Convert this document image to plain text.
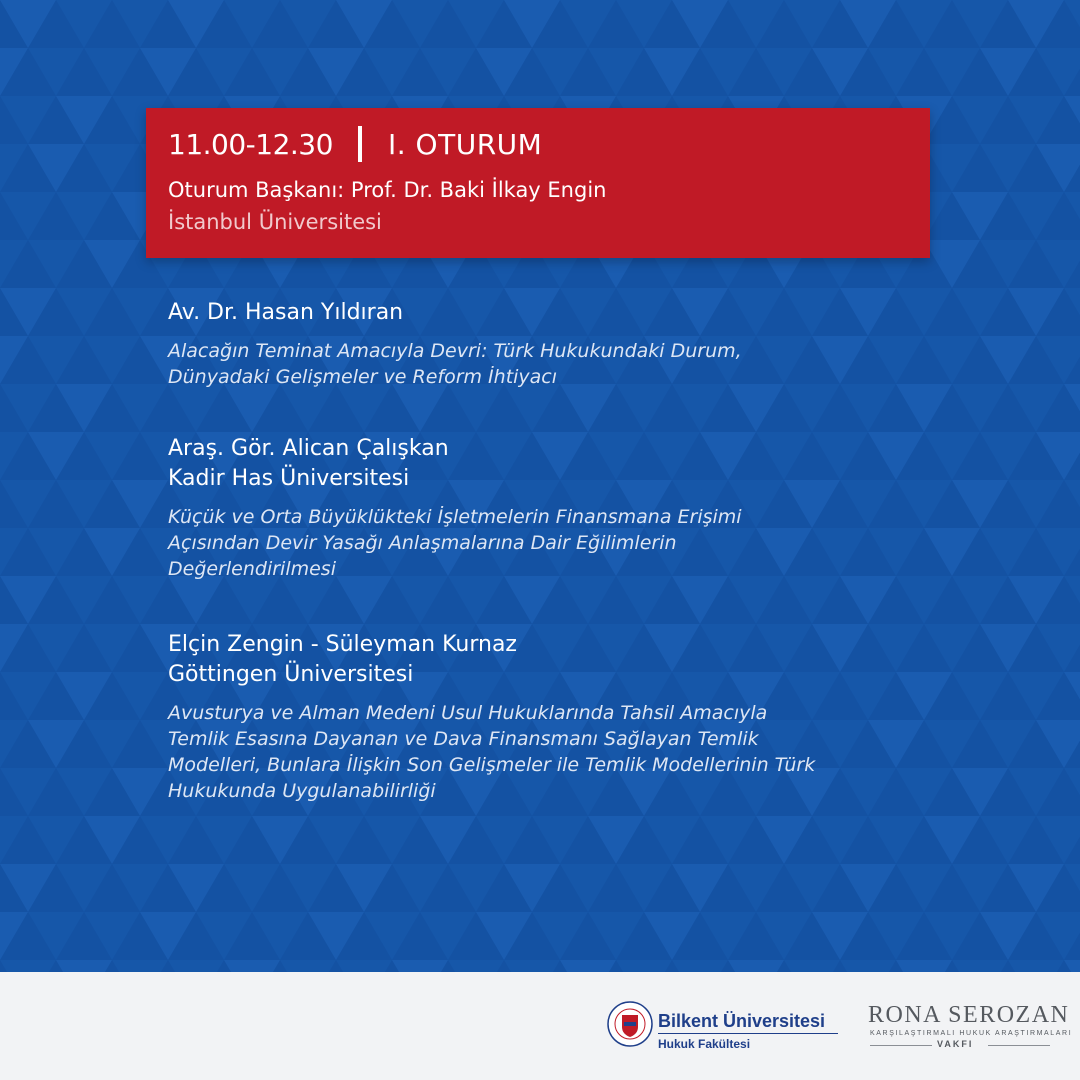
11.00-12.30 I. OTURUM
Oturum Başkanı: Prof. Dr. Baki İlkay Engin
İstanbul Üniversitesi
Av. Dr. Hasan Yıldıran
Alacağın Teminat Amacıyla Devri: Türk Hukukundaki Durum,
Dünyadaki Gelişmeler ve Reform İhtiyacı
Araş. Gör. Alican Çalışkan
Kadir Has Üniversitesi
Küçük ve Orta Büyüklükteki İşletmelerin Finansmana Erişimi
Açısından Devir Yasağı Anlaşmalarına Dair Eğilimlerin
Değerlendirilmesi
Elçin Zengin - Süleyman Kurnaz
Göttingen Üniversitesi
Avusturya ve Alman Medeni Usul Hukuklarında Tahsil Amacıyla
Temlik Esasına Dayanan ve Dava Finansmanı Sağlayan Temlik
Modelleri, Bunlara İlişkin Son Gelişmeler ile Temlik Modellerinin Türk
Hukukunda Uygulanabilirliği
Bilkent Üniversitesi
Hukuk Fakültesi
RONA SEROZAN
KARŞILAŞTIRMALI HUKUK ARAŞTIRMALARI
VAKFI
